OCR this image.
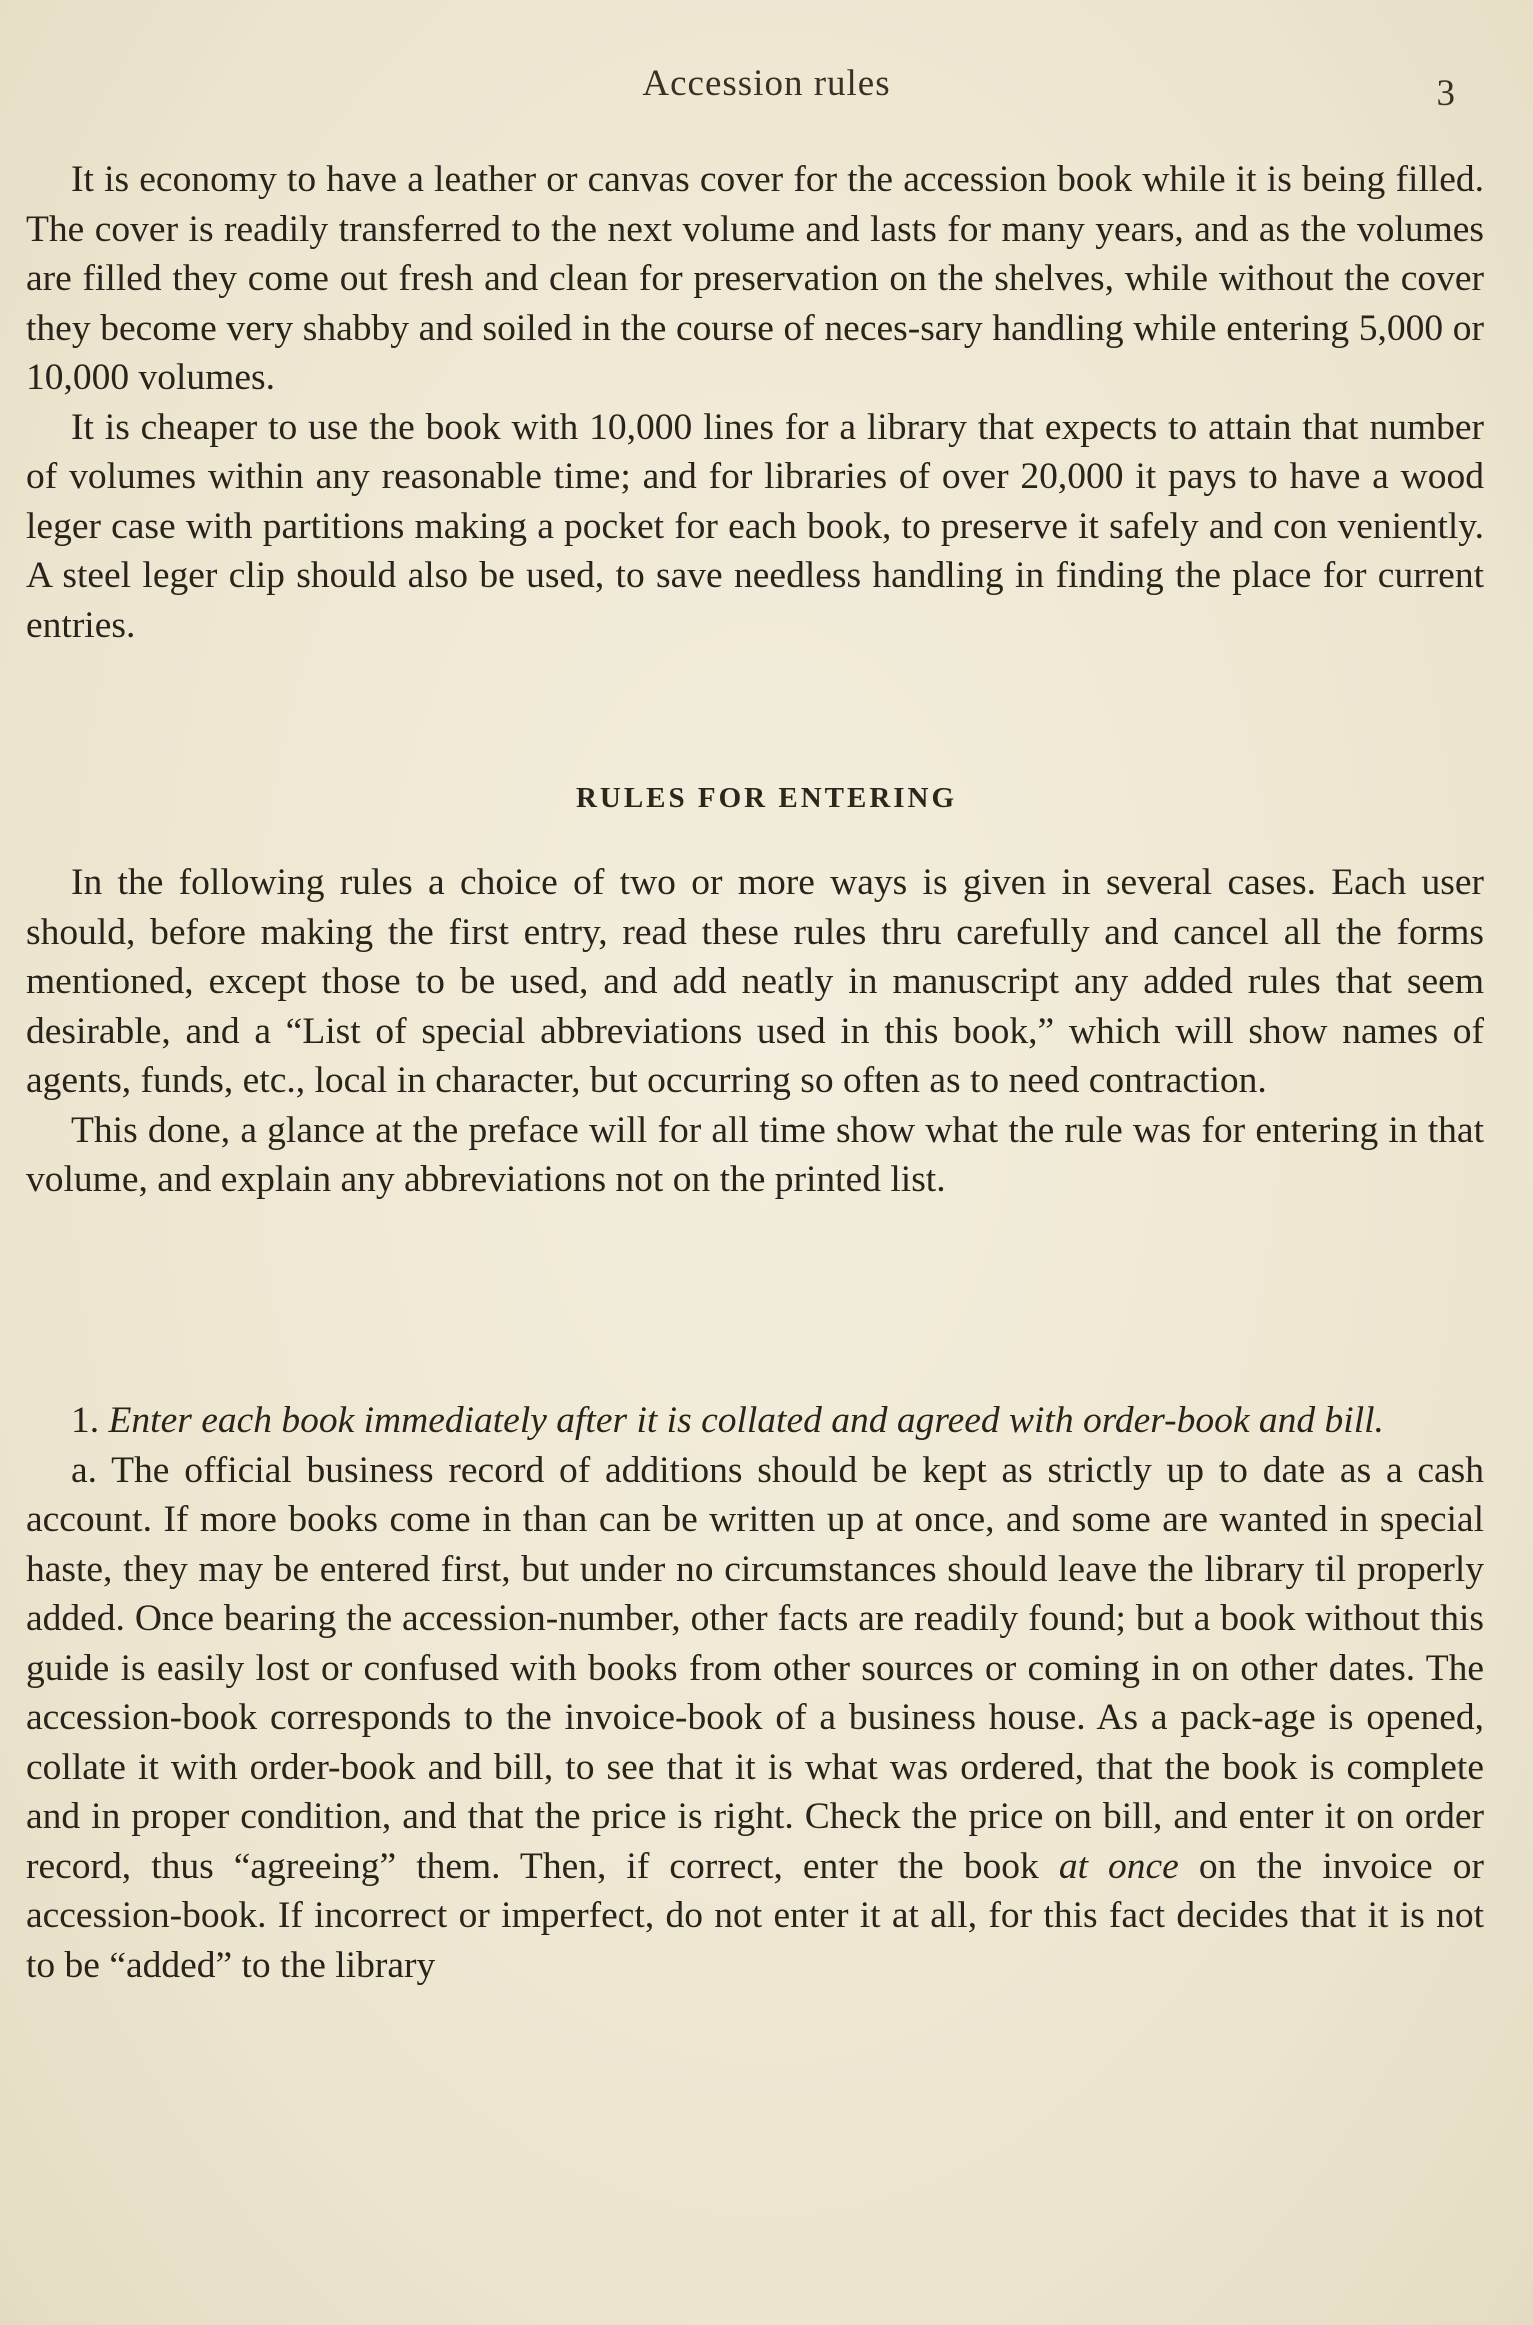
Accession rules	3

It is economy to have a leather or canvas cover for the accession book while it is being filled. The cover is readily transferred to the next volume and lasts for many years, and as the volumes are filled they come out fresh and clean for preservation on the shelves, while without the cover they become very shabby and soiled in the course of neces-sary handling while entering 5,000 or 10,000 volumes.

It is cheaper to use the book with 10,000 lines for a library that expects to attain that number of volumes within any reasonable time; and for libraries of over 20,000 it pays to have a wood leger case with partitions making a pocket for each book, to preserve it safely and con veniently. A steel leger clip should also be used, to save needless handling in finding the place for current entries.

RULES FOR ENTERING

In the following rules a choice of two or more ways is given in several cases. Each user should, before making the first entry, read these rules thru carefully and cancel all the forms mentioned, except those to be used, and add neatly in manuscript any added rules that seem desirable, and a “List of special abbreviations used in this book,” which will show names of agents, funds, etc., local in character, but occurring so often as to need contraction.

This done, a glance at the preface will for all time show what the rule was for entering in that volume, and explain any abbreviations not on the printed list.

1. Enter each book immediately after it is collated and agreed with order-book and bill.

a. The official business record of additions should be kept as strictly up to date as a cash account. If more books come in than can be written up at once, and some are wanted in special haste, they may be entered first, but under no circumstances should leave the library til properly added. Once bearing the accession-number, other facts are readily found; but a book without this guide is easily lost or confused with books from other sources or coming in on other dates. The accession-book corresponds to the invoice-book of a business house. As a pack-age is opened, collate it with order-book and bill, to see that it is what was ordered, that the book is complete and in proper condition, and that the price is right. Check the price on bill, and enter it on order record, thus “agreeing” them. Then, if correct, enter the book at once on the invoice or accession-book. If incorrect or imperfect, do not enter it at all, for this fact decides that it is not to be “added” to the library
